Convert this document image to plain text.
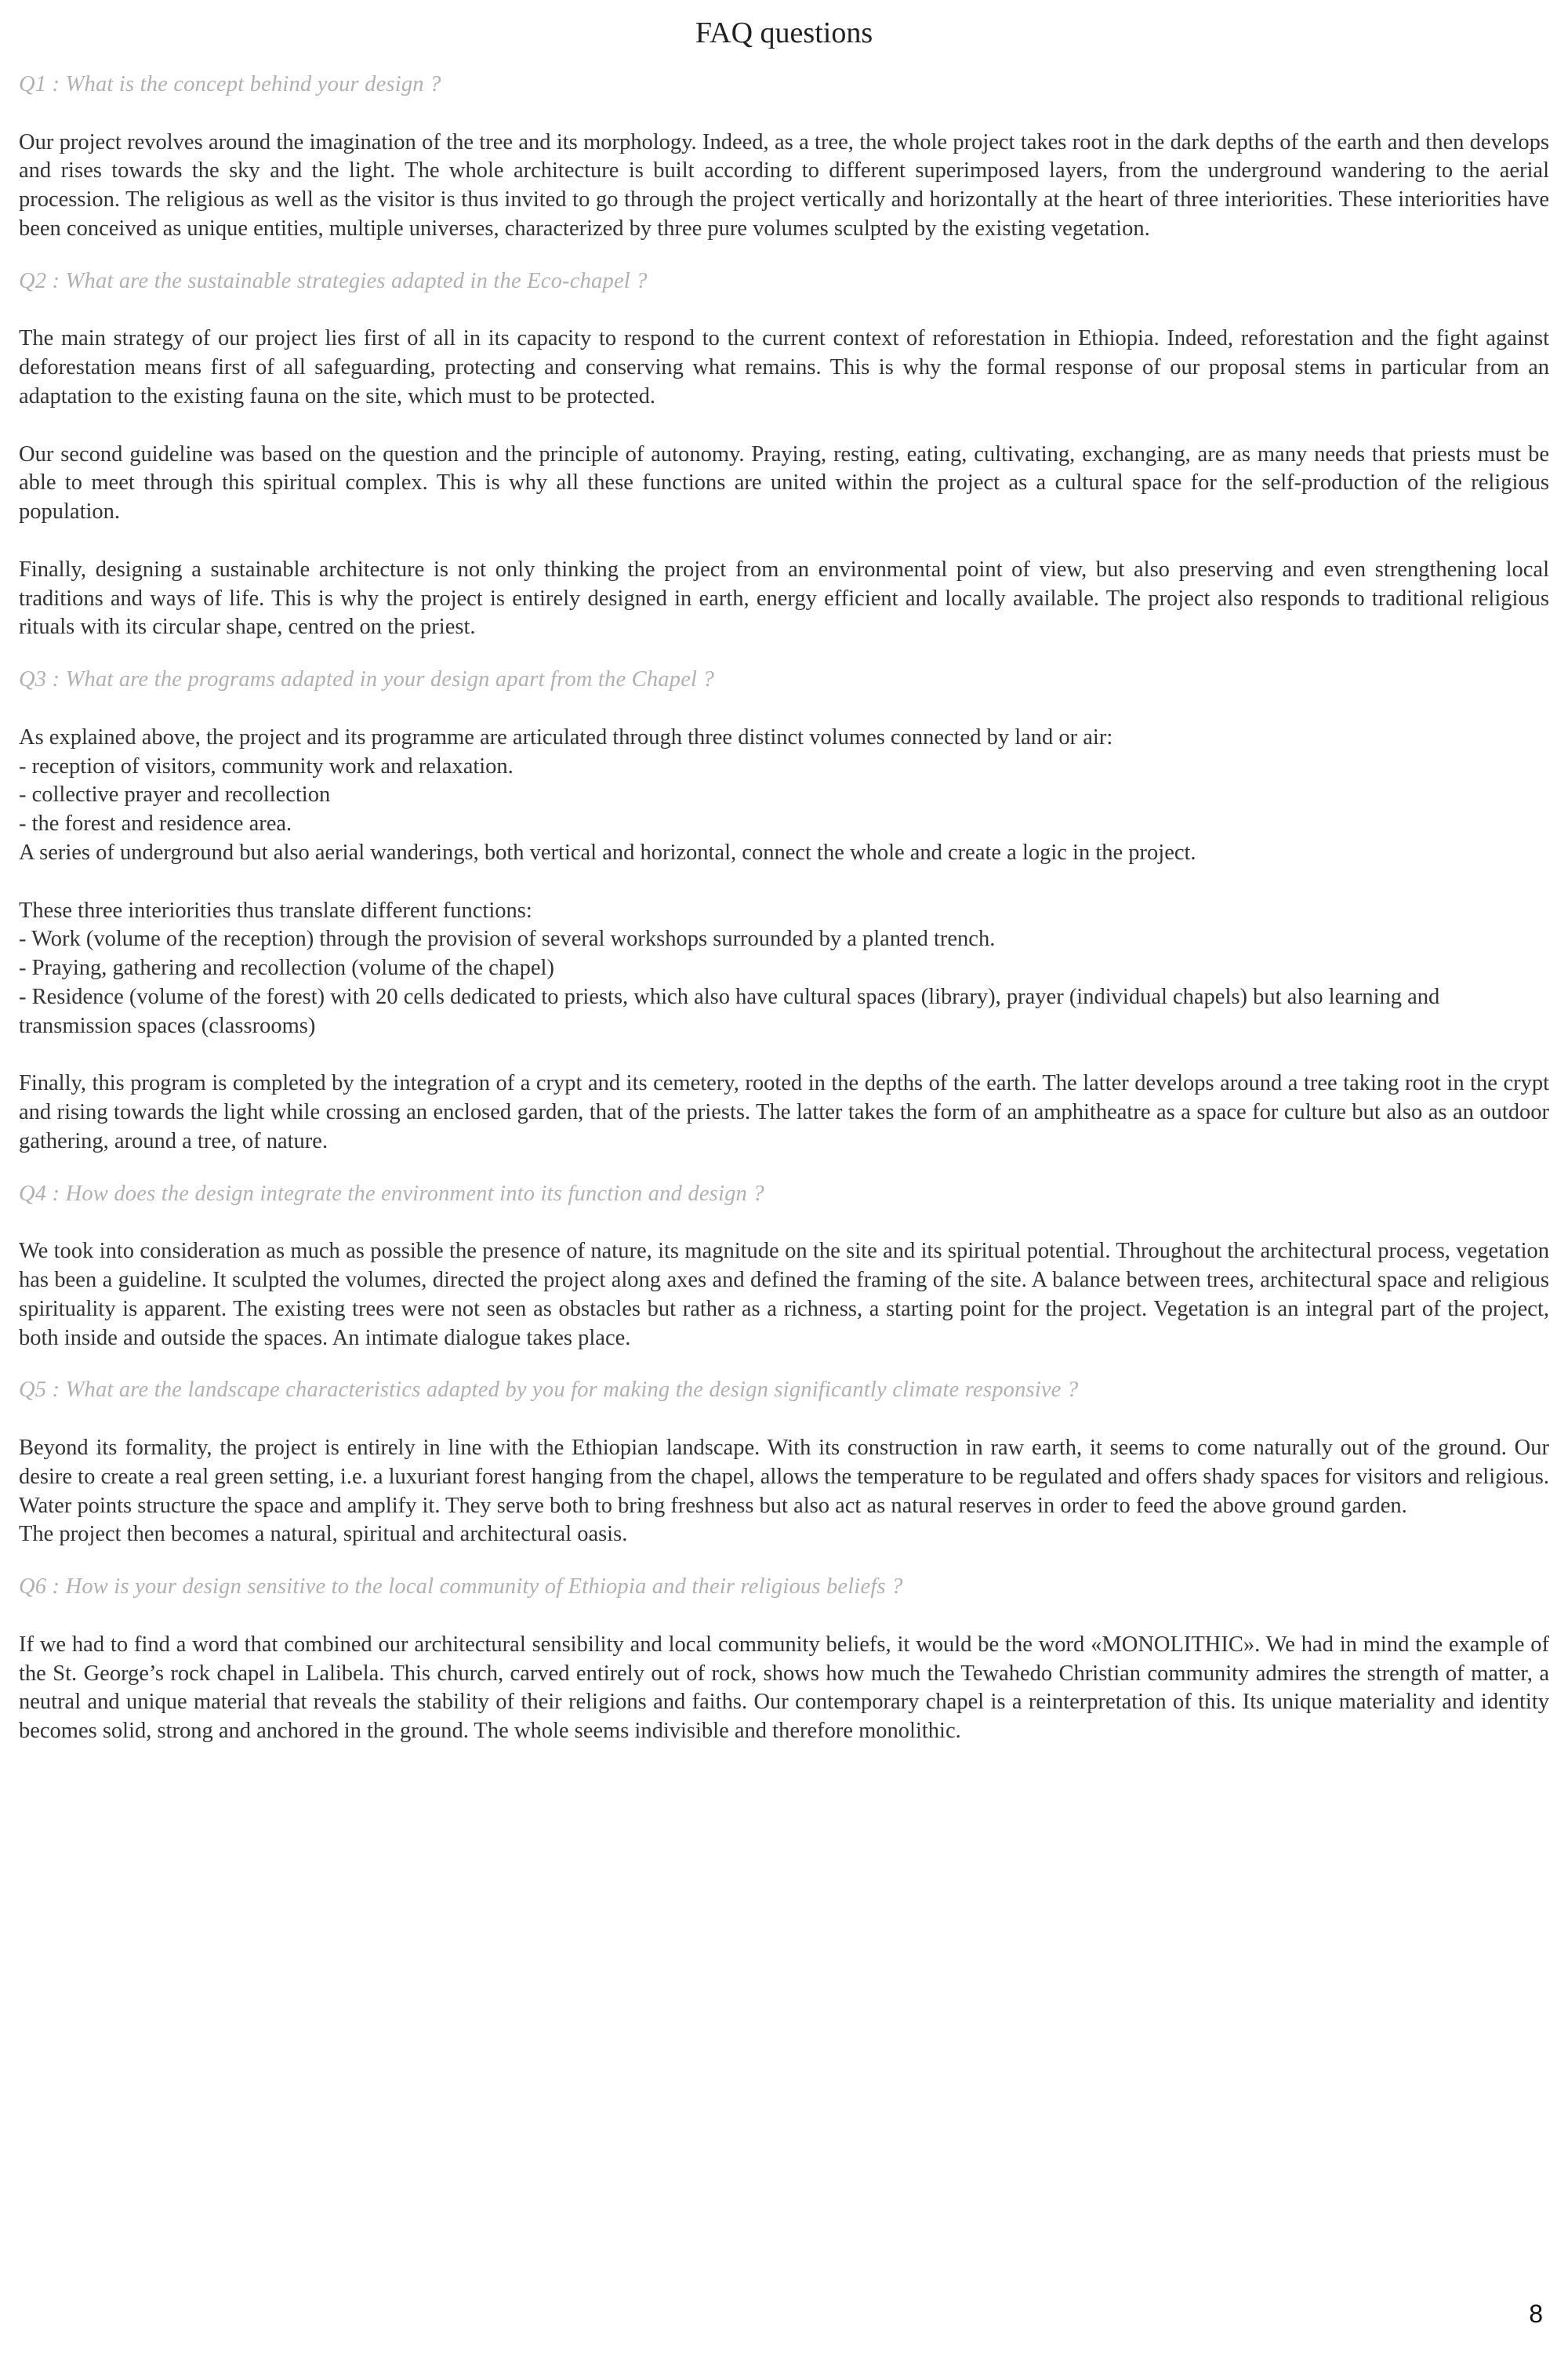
FAQ questions

Q1 : What is the concept behind your design ?

Our project revolves around the imagination of the tree and its morphology. Indeed, as a tree, the whole project takes root in the dark depths of the earth and then develops and rises towards the sky and the light. The whole architecture is built according to different superimposed layers, from the underground wandering to the aerial procession. The religious as well as the visitor is thus invited to go through the project vertically and horizontally at the heart of three interiorities. These interiorities have been conceived as unique entities, multiple universes, characterized by three pure volumes sculpted by the existing vegetation.

Q2 : What are the sustainable strategies adapted in the Eco-chapel ?

The main strategy of our project lies first of all in its capacity to respond to the current context of reforestation in Ethiopia. Indeed, reforestation and the fight against deforestation means first of all safeguarding, protecting and conserving what remains. This is why the formal response of our proposal stems in particular from an adaptation to the existing fauna on the site, which must to be protected.

Our second guideline was based on the question and the principle of autonomy. Praying, resting, eating, cultivating, exchanging, are as many needs that priests must be able to meet through this spiritual complex. This is why all these functions are united within the project as a cultural space for the self-production of the religious population.

Finally, designing a sustainable architecture is not only thinking the project from an environmental point of view, but also preserving and even strengthening local traditions and ways of life. This is why the project is entirely designed in earth, energy efficient and locally available. The project also responds to traditional religious rituals with its circular shape, centred on the priest.

Q3 : What are the programs adapted in your design apart from the Chapel ?

As explained above, the project and its programme are articulated through three distinct volumes connected by land or air:
- reception of visitors, community work and relaxation.
- collective prayer and recollection
- the forest and residence area.
A series of underground but also aerial wanderings, both vertical and horizontal, connect the whole and create a logic in the project.
These three interiorities thus translate different functions:
- Work (volume of the reception) through the provision of several workshops surrounded by a planted trench.
- Praying, gathering and recollection (volume of the chapel)
- Residence (volume of the forest) with 20 cells dedicated to priests, which also have cultural spaces (library), prayer (individual chapels) but also learning and transmission spaces (classrooms)

Finally, this program is completed by the integration of a crypt and its cemetery, rooted in the depths of the earth. The latter develops around a tree taking root in the crypt and rising towards the light while crossing an enclosed garden, that of the priests. The latter takes the form of an amphitheatre as a space for culture but also as an outdoor gathering, around a tree, of nature.

Q4 : How does the design integrate the environment into its function and design ?

We took into consideration as much as possible the presence of nature, its magnitude on the site and its spiritual potential. Throughout the architectural process, vegetation has been a guideline. It sculpted the volumes, directed the project along axes and defined the framing of the site. A balance between trees, architectural space and religious spirituality is apparent. The existing trees were not seen as obstacles but rather as a richness, a starting point for the project. Vegetation is an integral part of the project, both inside and outside the spaces. An intimate dialogue takes place.

Q5 : What are the landscape characteristics adapted by you for making the design significantly climate responsive ?

Beyond its formality, the project is entirely in line with the Ethiopian landscape. With its construction in raw earth, it seems to come naturally out of the ground. Our desire to create a real green setting, i.e. a luxuriant forest hanging from the chapel, allows the temperature to be regulated and offers shady spaces for visitors and religious. Water points structure the space and amplify it. They serve both to bring freshness but also act as natural reserves in order to feed the above ground garden.

The project then becomes a natural, spiritual and architectural oasis.

Q6 : How is your design sensitive to the local community of Ethiopia and their religious beliefs ?

If we had to find a word that combined our architectural sensibility and local community beliefs, it would be the word «MONOLITHIC». We had in mind the example of the St. George’s rock chapel in Lalibela. This church, carved entirely out of rock, shows how much the Tewahedo Christian community admires the strength of matter, a neutral and unique material that reveals the stability of their religions and faiths. Our contemporary chapel is a reinterpretation of this. Its unique materiality and identity becomes solid, strong and anchored in the ground. The whole seems indivisible and therefore monolithic.

8
